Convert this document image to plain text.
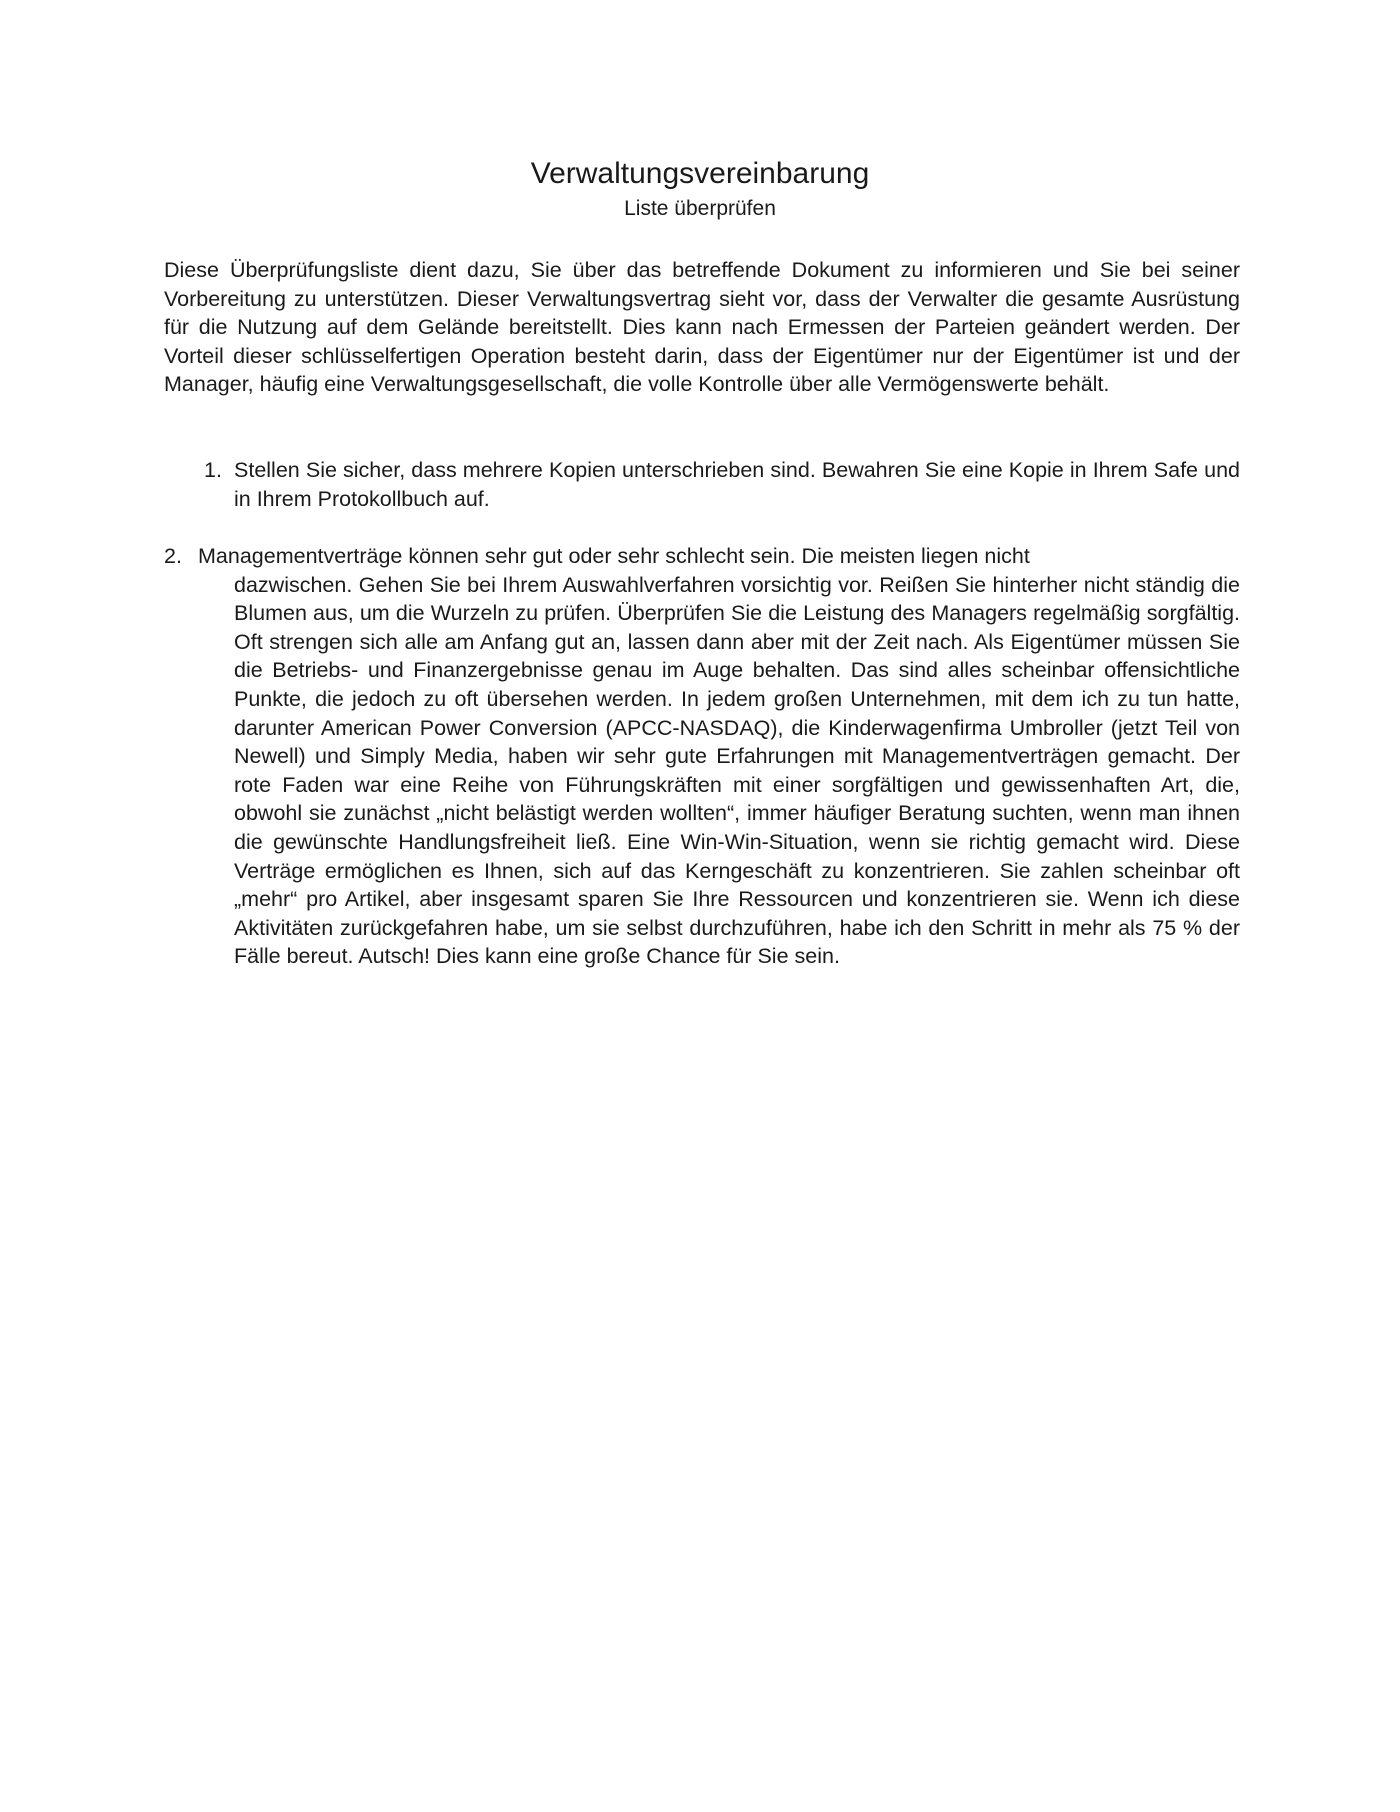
Verwaltungsvereinbarung
Liste überprüfen

Diese Überprüfungsliste dient dazu, Sie über das betreffende Dokument zu informieren und Sie bei seiner Vorbereitung zu unterstützen. Dieser Verwaltungsvertrag sieht vor, dass der Verwalter die gesamte Ausrüstung für die Nutzung auf dem Gelände bereitstellt. Dies kann nach Ermessen der Parteien geändert werden. Der Vorteil dieser schlüsselfertigen Operation besteht darin, dass der Eigentümer nur der Eigentümer ist und der Manager, häufig eine Verwaltungsgesellschaft, die volle Kontrolle über alle Vermögenswerte behält.

1. Stellen Sie sicher, dass mehrere Kopien unterschrieben sind. Bewahren Sie eine Kopie in Ihrem Safe und in Ihrem Protokollbuch auf.
2. Managementverträge können sehr gut oder sehr schlecht sein. Die meisten liegen nicht
dazwischen. Gehen Sie bei Ihrem Auswahlverfahren vorsichtig vor. Reißen Sie hinterher nicht ständig die Blumen aus, um die Wurzeln zu prüfen. Überprüfen Sie die Leistung des Managers regelmäßig sorgfältig. Oft strengen sich alle am Anfang gut an, lassen dann aber mit der Zeit nach. Als Eigentümer müssen Sie die Betriebs- und Finanzergebnisse genau im Auge behalten. Das sind alles scheinbar offensichtliche Punkte, die jedoch zu oft übersehen werden. In jedem großen Unternehmen, mit dem ich zu tun hatte, darunter American Power Conversion (APCC-NASDAQ), die Kinderwagenfirma Umbroller (jetzt Teil von Newell) und Simply Media, haben wir sehr gute Erfahrungen mit Managementverträgen gemacht. Der rote Faden war eine Reihe von Führungskräften mit einer sorgfältigen und gewissenhaften Art, die, obwohl sie zunächst „nicht belästigt werden wollten“, immer häufiger Beratung suchten, wenn man ihnen die gewünschte Handlungsfreiheit ließ. Eine Win-Win-Situation, wenn sie richtig gemacht wird. Diese Verträge ermöglichen es Ihnen, sich auf das Kerngeschäft zu konzentrieren. Sie zahlen scheinbar oft „mehr“ pro Artikel, aber insgesamt sparen Sie Ihre Ressourcen und konzentrieren sie. Wenn ich diese Aktivitäten zurückgefahren habe, um sie selbst durchzuführen, habe ich den Schritt in mehr als 75 % der Fälle bereut. Autsch! Dies kann eine große Chance für Sie sein.
